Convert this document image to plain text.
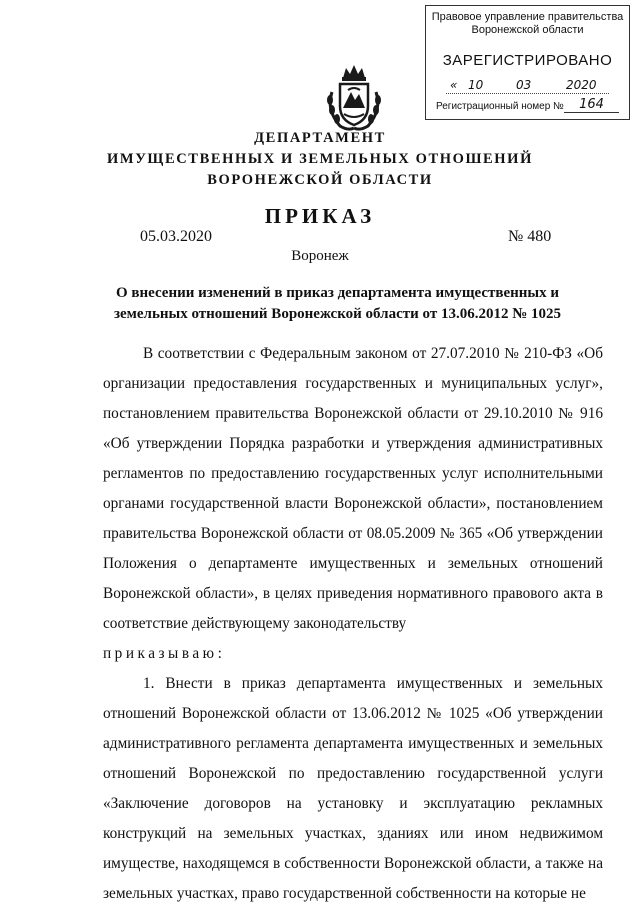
Правовое управление правительства
Воронежской области
ЗАРЕГИСТРИРОВАНО
« 10	03	2020
Регистрационный номер №	164
ДЕПАРТАМЕНТ
ИМУЩЕСТВЕННЫХ И ЗЕМЕЛЬНЫХ ОТНОШЕНИЙ
ВОРОНЕЖСКОЙ ОБЛАСТИ
ПРИКАЗ
05.03.2020	№ 480
Воронеж
О внесении изменений в приказ департамента имущественных и земельных отношений Воронежской области от 13.06.2012 № 1025

В соответствии с Федеральным законом от 27.07.2010 № 210-ФЗ «Об организации предоставления государственных и муниципальных услуг», постановлением правительства Воронежской области от 29.10.2010 № 916 «Об утверждении Порядка разработки и утверждения административных регламентов по предоставлению государственных услуг исполнительными органами государственной власти Воронежской области», постановлением правительства Воронежской области от 08.05.2009 № 365 «Об утверждении Положения о департаменте имущественных и земельных отношений Воронежской области», в целях приведения нормативного правового акта в соответствие действующему законодательству

приказываю:

1. Внести в приказ департамента имущественных и земельных отношений Воронежской области от 13.06.2012 № 1025 «Об утверждении административного регламента департамента имущественных и земельных отношений Воронежской по предоставлению государственной услуги «Заключение договоров на установку и эксплуатацию рекламных конструкций на земельных участках, зданиях или ином недвижимом имуществе, находящемся в собственности Воронежской области, а также на земельных участках, право государственной собственности на которые не
